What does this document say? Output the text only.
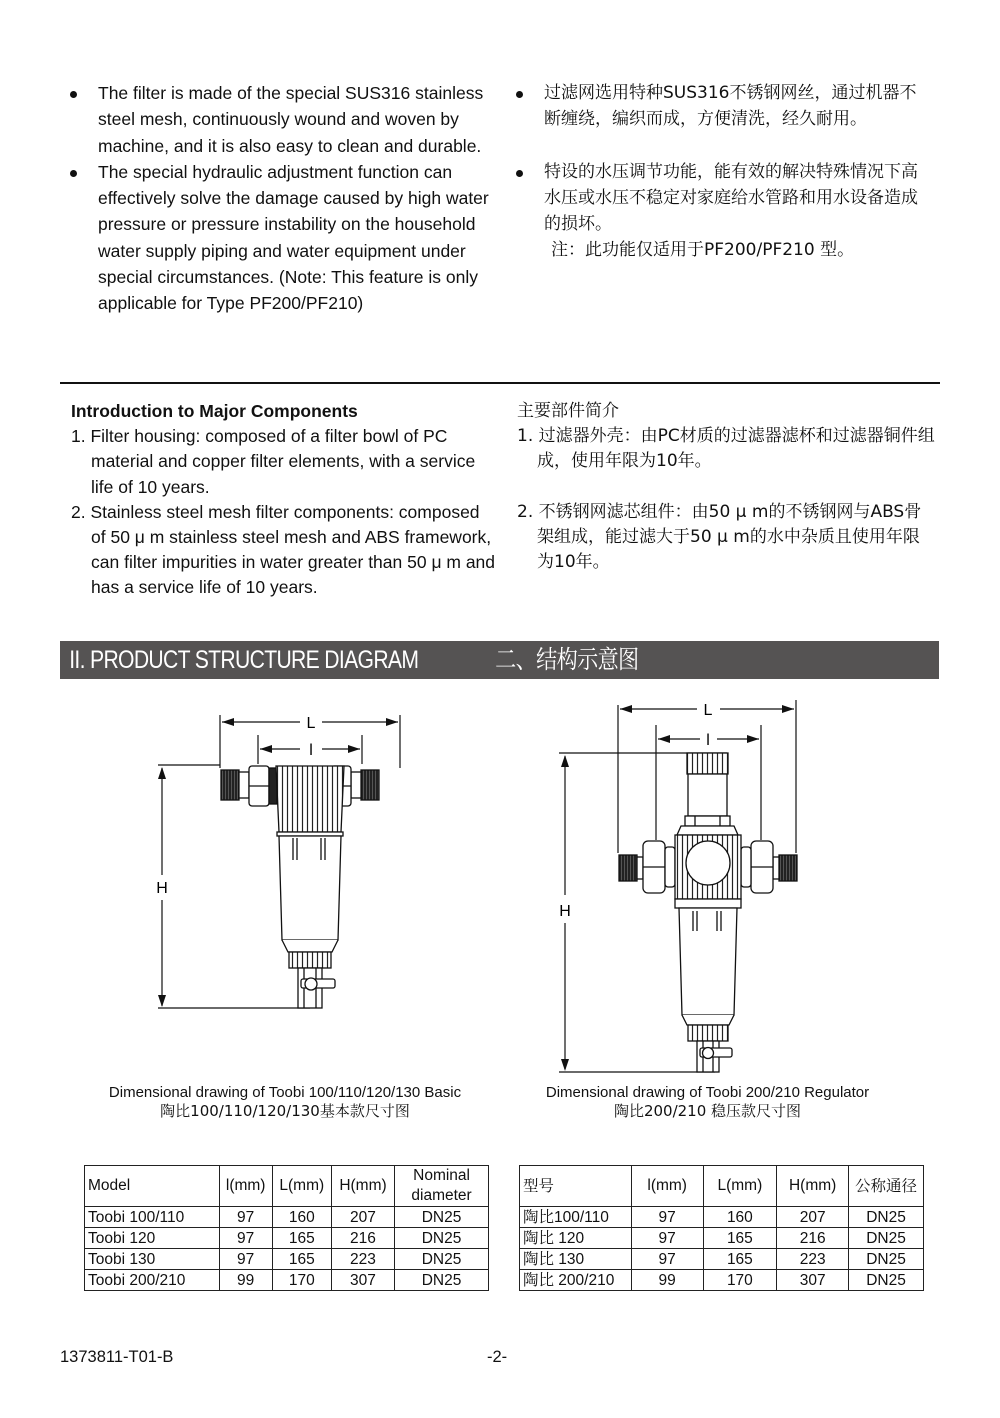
The filter is made of the special SUS316 stainless steel mesh, continuously wound and woven by machine, and it is also easy to clean and durable.
The special hydraulic adjustment function can effectively solve the damage caused by high water pressure or pressure instability on the household water supply piping and water equipment under special circumstances. (Note: This feature is only applicable for Type PF200/PF210)
过滤网选用特种SUS316不锈钢网丝，通过机器不断缠绕，编织而成，方便清洗，经久耐用。
特设的水压调节功能，能有效的解决特殊情况下高水压或水压不稳定对家庭给水管路和用水设备造成的损坏。
注：此功能仅适用于PF200/PF210 型。
Introduction to Major Components
1. Filter housing: composed of a filter bowl of PC material and copper filter elements, with a service life of 10 years.
2. Stainless steel mesh filter components: composed of 50 μ m stainless steel mesh and ABS framework, can filter impurities in water greater than 50 μ m and has a service life of 10 years.
主要部件简介
1. 过滤器外壳：由PC材质的过滤器滤杯和过滤器铜件组成，使用年限为10年。
2. 不锈钢网滤芯组件：由50 μ m的不锈钢网与ABS骨架组成，能过滤大于50 μ m的水中杂质且使用年限为10年。
II. PRODUCT STRUCTURE DIAGRAM	二、结构示意图
L
l
H
L
l
H
Dimensional drawing of Toobi 100/110/120/130 Basic
陶比100/110/120/130基本款尺寸图
Dimensional drawing of Toobi 200/210 Regulator
陶比200/210 稳压款尺寸图
Model	l(mm)	L(mm)	H(mm)	Nominal diameter
Toobi 100/110	97	160	207	DN25
Toobi 120	97	165	216	DN25
Toobi 130	97	165	223	DN25
Toobi 200/210	99	170	307	DN25
型号	l(mm)	L(mm)	H(mm)	公称通径
陶比100/110	97	160	207	DN25
陶比 120	97	165	216	DN25
陶比 130	97	165	223	DN25
陶比 200/210	99	170	307	DN25
1373811-T01-B	-2-
